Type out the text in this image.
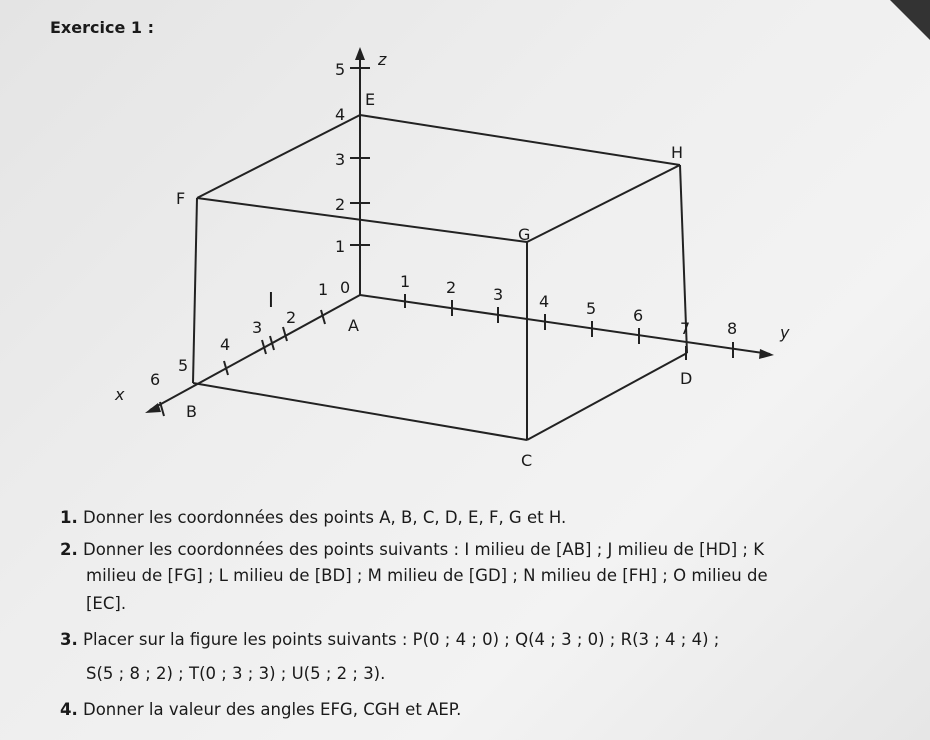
Exercice 1 :
E
F
G
H
A
B
C
D
I
z
y
x
0
1
2
3
4
5
1 2 3 4 5 6
7 8
1
2
3
4
5
6
1. Donner les coordonnées des points A, B, C, D, E, F, G et H.
2. Donner les coordonnées des points suivants : I milieu de [AB] ; J milieu de [HD] ; K
milieu de [FG] ; L milieu de [BD] ; M milieu de [GD] ; N milieu de [FH] ; O milieu de
[EC].
3. Placer sur la figure les points suivants : P(0 ; 4 ; 0) ; Q(4 ; 3 ; 0) ; R(3 ; 4 ; 4) ;
S(5 ; 8 ; 2) ; T(0 ; 3 ; 3) ; U(5 ; 2 ; 3).
4. Donner la valeur des angles EFG, CGH et AEP.
